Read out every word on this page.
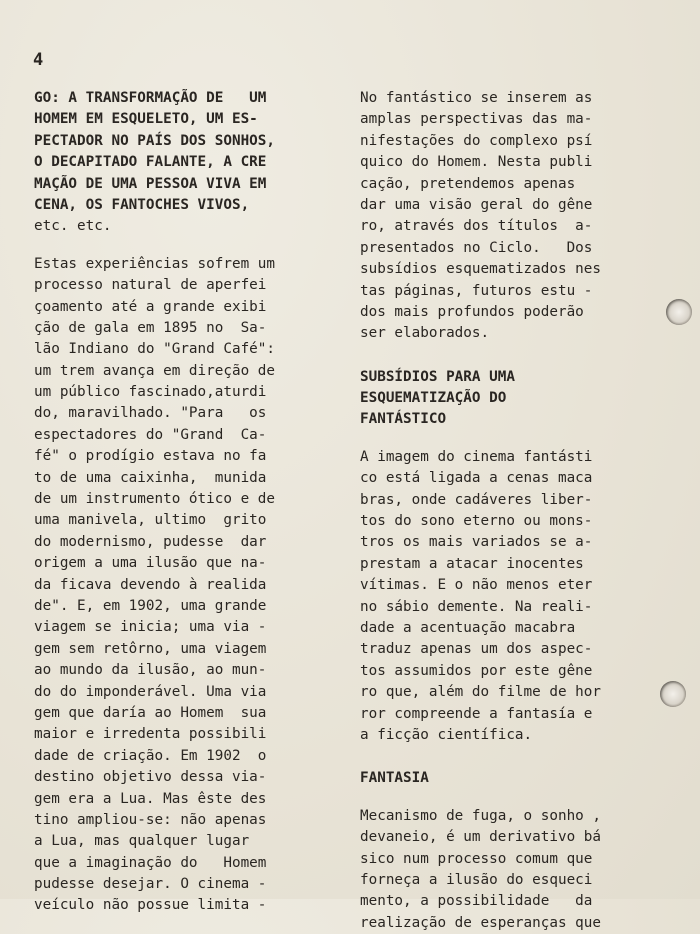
4
GO: A TRANSFORMAÇÃO DE   UM
HOMEM EM ESQUELETO, UM ES-
PECTADOR NO PAÍS DOS SONHOS,
O DECAPITADO FALANTE, A CRE
MAÇÃO DE UMA PESSOA VIVA EM
CENA, OS FANTOCHES VIVOS,
etc. etc.
Estas experiências sofrem um
processo natural de aperfei
çoamento até a grande exibi
ção de gala em 1895 no  Sa-
lão Indiano do "Grand Café":
um trem avança em direção de
um público fascinado,aturdi
do, maravilhado. "Para   os
espectadores do "Grand  Ca-
fé" o prodígio estava no fa
to de uma caixinha,  munida
de um instrumento ótico e de
uma manivela, ultimo  grito
do modernismo, pudesse  dar
origem a uma ilusão que na-
da ficava devendo à realida
de". E, em 1902, uma grande
viagem se inicia; uma via -
gem sem retôrno, uma viagem
ao mundo da ilusão, ao mun-
do do imponderável. Uma via
gem que daría ao Homem  sua
maior e irredenta possibili
dade de criação. Em 1902  o
destino objetivo dessa via-
gem era a Lua. Mas êste des
tino ampliou-se: não apenas
a Lua, mas qualquer lugar
que a imaginação do   Homem
pudesse desejar. O cinema -
veículo não possue limita -
No fantástico se inserem as
amplas perspectivas das ma-
nifestações do complexo psí
quico do Homem. Nesta publi
cação, pretendemos apenas
dar uma visão geral do gêne
ro, através dos títulos  a-
presentados no Ciclo.   Dos
subsídios esquematizados nes
tas páginas, futuros estu -
dos mais profundos poderão
ser elaborados.
SUBSÍDIOS PARA UMA
ESQUEMATIZAÇÃO DO
FANTÁSTICO
A imagem do cinema fantásti
co está ligada a cenas maca
bras, onde cadáveres liber-
tos do sono eterno ou mons-
tros os mais variados se a-
prestam a atacar inocentes
vítimas. E o não menos eter
no sábio demente. Na reali-
dade a acentuação macabra
traduz apenas um dos aspec-
tos assumidos por este gêne
ro que, além do filme de hor
ror compreende a fantasía e
a ficção científica.
FANTASIA
Mecanismo de fuga, o sonho ,
devaneio, é um derivativo bá
sico num processo comum que
forneça a ilusão do esqueci
mento, a possibilidade   da
realização de esperanças que
